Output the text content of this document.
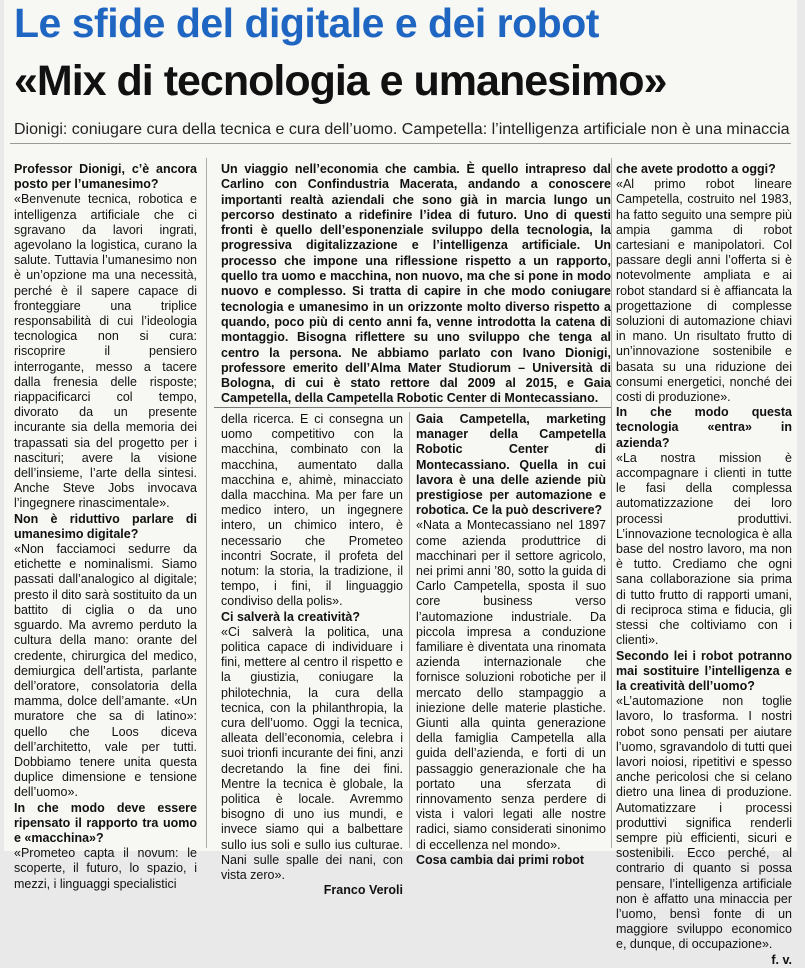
Le sfide del digitale e dei robot
«Mix di tecnologia e umanesimo»
Dionigi: coniugare cura della tecnica e cura dell’uomo. Campetella: l’intelligenza artificiale non è una minaccia

Professor Dionigi, c’è ancora posto per l’umanesimo?

«Benvenute tecnica, robotica e intelligenza artificiale che ci sgravano da lavori ingrati, agevolano la logistica, curano la salute. Tuttavia l’umanesimo non è un’opzione ma una necessità, perché è il sapere capace di fronteggiare una triplice responsabilità di cui l’ideologia tecnologica non si cura: riscoprire il pensiero interrogante, messo a tacere dalla frenesia delle risposte; riappacificarci col tempo, divorato da un presente incurante sia della memoria dei trapassati sia del progetto per i nascituri; avere la visione dell’insieme, l’arte della sintesi. Anche Steve Jobs invocava l’ingegnere rinascimentale».

Non è riduttivo parlare di umanesimo digitale?

«Non facciamoci sedurre da etichette e nominalismi. Siamo passati dall’analogico al digitale; presto il dito sarà sostituito da un battito di ciglia o da uno sguardo. Ma avremo perduto la cultura della mano: orante del credente, chirurgica del medico, demiurgica dell’artista, parlante dell’oratore, consolatoria della mamma, dolce dell’amante. «Un muratore che sa di latino»: quello che Loos diceva dell’architetto, vale per tutti. Dobbiamo tenere unita questa duplice dimensione e tensione dell’uomo».

In che modo deve essere ripensato il rapporto tra uomo e «macchina»?

«Prometeo capta il novum: le scoperte, il futuro, lo spazio, i mezzi, i linguaggi specialistici

Un viaggio nell’economia che cambia. È quello intrapreso dal Carlino con Confindustria Macerata, andando a conoscere importanti realtà aziendali che sono già in marcia lungo un percorso destinato a ridefinire l’idea di futuro. Uno di questi fronti è quello dell’esponenziale sviluppo della tecnologia, la progressiva digitalizzazione e l’intelligenza artificiale. Un processo che impone una riflessione rispetto a un rapporto, quello tra uomo e macchina, non nuovo, ma che si pone in modo nuovo e complesso. Si tratta di capire in che modo coniugare tecnologia e umanesimo in un orizzonte molto diverso rispetto a quando, poco più di cento anni fa, venne introdotta la catena di montaggio. Bisogna riflettere su uno sviluppo che tenga al centro la persona. Ne abbiamo parlato con Ivano Dionigi, professore emerito dell’Alma Mater Studiorum – Università di Bologna, di cui è stato rettore dal 2009 al 2015, e Gaia Campetella, della Campetella Robotic Center di Montecassiano.

della ricerca. E ci consegna un uomo competitivo con la macchina, combinato con la macchina, aumentato dalla macchina e, ahimè, minacciato dalla macchina. Ma per fare un medico intero, un ingegnere intero, un chimico intero, è necessario che Prometeo incontri Socrate, il profeta del notum: la storia, la tradizione, il tempo, i fini, il linguaggio condiviso della polis».

Ci salverà la creatività?

«Ci salverà la politica, una politica capace di individuare i fini, mettere al centro il rispetto e la giustizia, coniugare la philotechnia, la cura della tecnica, con la philanthropia, la cura dell’uomo. Oggi la tecnica, alleata dell’economia, celebra i suoi trionfi incurante dei fini, anzi decretando la fine dei fini. Mentre la tecnica è globale, la politica è locale. Avremmo bisogno di uno ius mundi, e invece siamo qui a balbettare sullo ius soli e sullo ius culturae. Nani sulle spalle dei nani, con vista zero».

Franco Veroli

Gaia Campetella, marketing manager della Campetella Robotic Center di Montecassiano. Quella in cui lavora è una delle aziende più prestigiose per automazione e robotica. Ce la può descrivere?

«Nata a Montecassiano nel 1897 come azienda produttrice di macchinari per il settore agricolo, nei primi anni ’80, sotto la guida di Carlo Campetella, sposta il suo core business verso l’automazione industriale. Da piccola impresa a conduzione familiare è diventata una rinomata azienda internazionale che fornisce soluzioni robotiche per il mercato dello stampaggio a iniezione delle materie plastiche. Giunti alla quinta generazione della famiglia Campetella alla guida dell’azienda, e forti di un passaggio generazionale che ha portato una sferzata di rinnovamento senza perdere di vista i valori legati alle nostre radici, siamo considerati sinonimo di eccellenza nel mondo».

Cosa cambia dai primi robot

che avete prodotto a oggi?

«Al primo robot lineare Campetella, costruito nel 1983, ha fatto seguito una sempre più ampia gamma di robot cartesiani e manipolatori. Col passare degli anni l’offerta si è notevolmente ampliata e ai robot standard si è affiancata la progettazione di complesse soluzioni di automazione chiavi in mano. Un risultato frutto di un’innovazione sostenibile e basata su una riduzione dei consumi energetici, nonché dei costi di produzione».

In che modo questa tecnologia «entra» in azienda?

«La nostra mission è accompagnare i clienti in tutte le fasi della complessa automatizzazione dei loro processi produttivi. L’innovazione tecnologica è alla base del nostro lavoro, ma non è tutto. Crediamo che ogni sana collaborazione sia prima di tutto frutto di rapporti umani, di reciproca stima e fiducia, gli stessi che coltiviamo con i clienti».

Secondo lei i robot potranno mai sostituire l’intelligenza e la creatività dell’uomo?

«L’automazione non toglie lavoro, lo trasforma. I nostri robot sono pensati per aiutare l’uomo, sgravandolo di tutti quei lavori noiosi, ripetitivi e spesso anche pericolosi che si celano dietro una linea di produzione. Automatizzare i processi produttivi significa renderli sempre più efficienti, sicuri e sostenibili. Ecco perché, al contrario di quanto si possa pensare, l’intelligenza artificiale non è affatto una minaccia per l’uomo, bensì fonte di un maggiore sviluppo economico e, dunque, di occupazione».

f. v.
